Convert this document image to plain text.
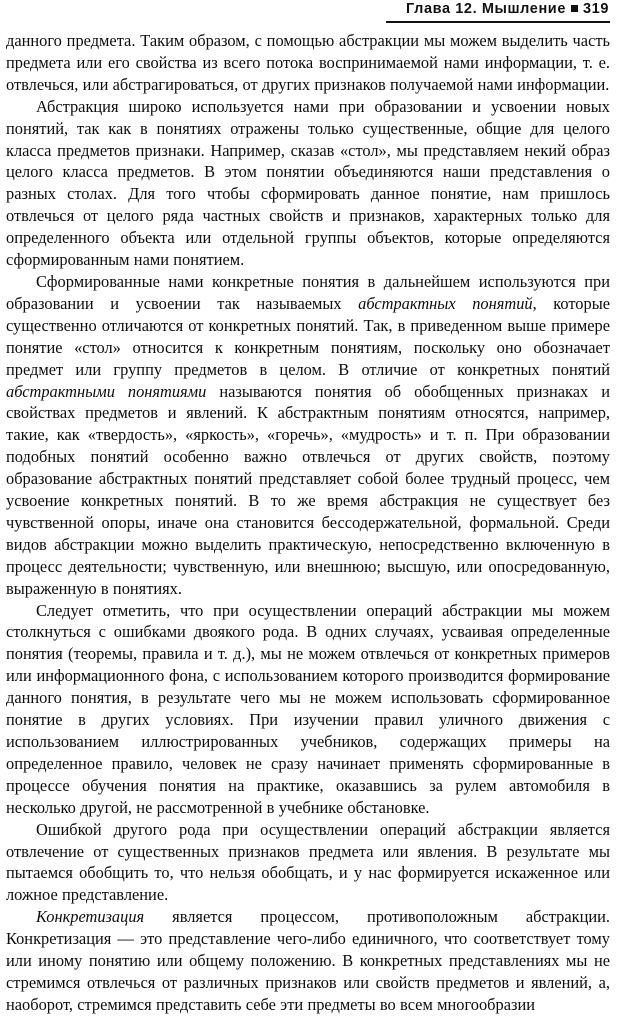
Глава 12. Мышление 319

данного предмета. Таким образом, с помощью абстракции мы можем выделить часть предмета или его свойства из всего потока воспринимаемой нами информации, т. е. отвлечься, или абстрагироваться, от других признаков получаемой нами информации.

Абстракция широко используется нами при образовании и усвоении новых понятий, так как в понятиях отражены только существенные, общие для целого класса предметов признаки. Например, сказав «стол», мы представляем некий образ целого класса предметов. В этом понятии объединяются наши представления о разных столах. Для того чтобы сформировать данное понятие, нам пришлось отвлечься от целого ряда частных свойств и признаков, характерных только для определенного объекта или отдельной группы объектов, которые определяются сформированным нами понятием.

Сформированные нами конкретные понятия в дальнейшем используются при образовании и усвоении так называемых абстрактных понятий, которые существенно отличаются от конкретных понятий. Так, в приведенном выше примере понятие «стол» относится к конкретным понятиям, поскольку оно обозначает предмет или группу предметов в целом. В отличие от конкретных понятий абстрактными понятиями называются понятия об обобщенных признаках и свойствах предметов и явлений. К абстрактным понятиям относятся, например, такие, как «твердость», «яркость», «горечь», «мудрость» и т. п. При образовании подобных понятий особенно важно отвлечься от других свойств, поэтому образование абстрактных понятий представляет собой более трудный процесс, чем усвоение конкретных понятий. В то же время абстракция не существует без чувственной опоры, иначе она становится бессодержательной, формальной. Среди видов абстракции можно выделить практическую, непосредственно включенную в процесс деятельности; чувственную, или внешнюю; высшую, или опосредованную, выраженную в понятиях.

Следует отметить, что при осуществлении операций абстракции мы можем столкнуться с ошибками двоякого рода. В одних случаях, усваивая определенные понятия (теоремы, правила и т. д.), мы не можем отвлечься от конкретных примеров или информационного фона, с использованием которого производится формирование данного понятия, в результате чего мы не можем использовать сформированное понятие в других условиях. При изучении правил уличного движения с использованием иллюстрированных учебников, содержащих примеры на определенное правило, человек не сразу начинает применять сформированные в процессе обучения понятия на практике, оказавшись за рулем автомобиля в несколько другой, не рассмотренной в учебнике обстановке.

Ошибкой другого рода при осуществлении операций абстракции является отвлечение от существенных признаков предмета или явления. В результате мы пытаемся обобщить то, что нельзя обобщать, и у нас формируется искаженное или ложное представление.

Конкретизация является процессом, противоположным абстракции. Конкретизация — это представление чего-либо единичного, что соответствует тому или иному понятию или общему положению. В конкретных представлениях мы не стремимся отвлечься от различных признаков или свойств предметов и явлений, а, наоборот, стремимся представить себе эти предметы во всем многообразии
